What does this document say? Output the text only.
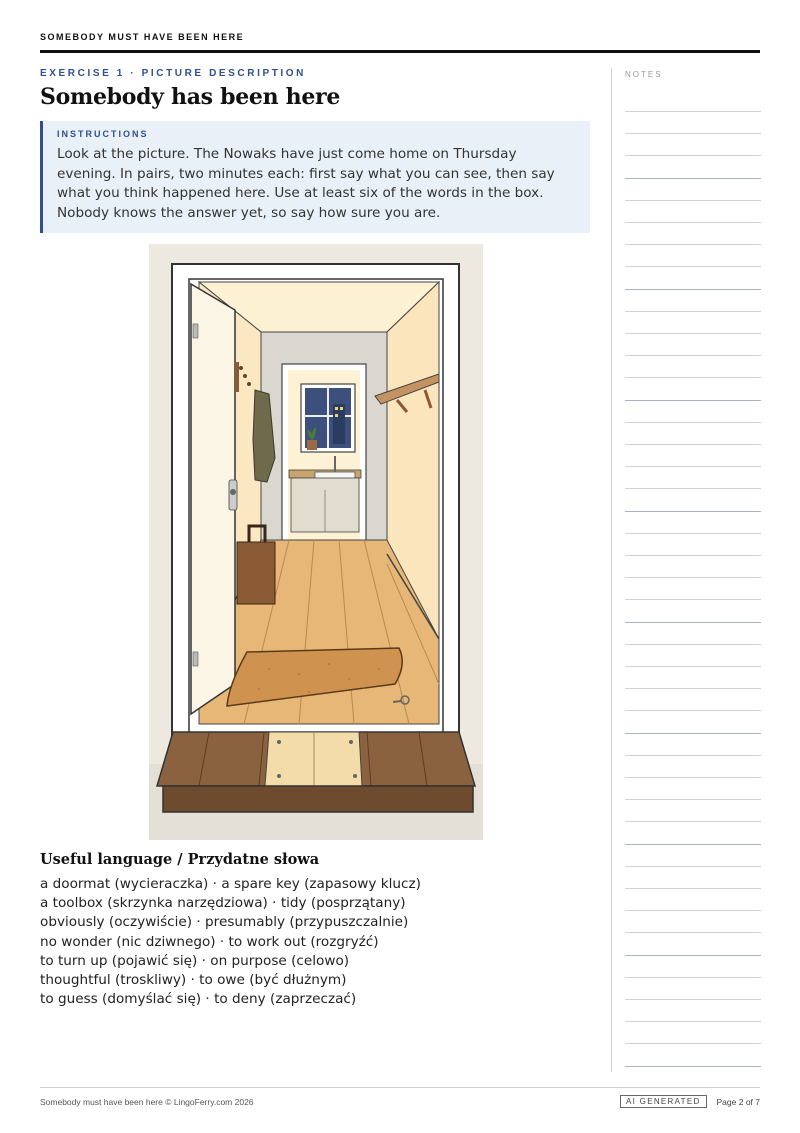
SOMEBODY MUST HAVE BEEN HERE
EXERCISE 1 · PICTURE DESCRIPTION
Somebody has been here
INSTRUCTIONS
Look at the picture. The Nowaks have just come home on Thursday evening. In pairs, two minutes each: first say what you can see, then say what you think happened here. Use at least six of the words in the box. Nobody knows the answer yet, so say how sure you are.
Useful language / Przydatne słowa
a doormat (wycieraczka) · a spare key (zapasowy klucz)
a toolbox (skrzynka narzędziowa) · tidy (posprzątany)
obviously (oczywiście) · presumably (przypuszczalnie)
no wonder (nic dziwnego) · to work out (rozgryźć)
to turn up (pojawić się) · on purpose (celowo)
thoughtful (troskliwy) · to owe (być dłużnym)
to guess (domyślać się) · to deny (zaprzeczać)
NOTES
Somebody must have been here © LingoFerry.com 2026	AI GENERATED	Page 2 of 7
